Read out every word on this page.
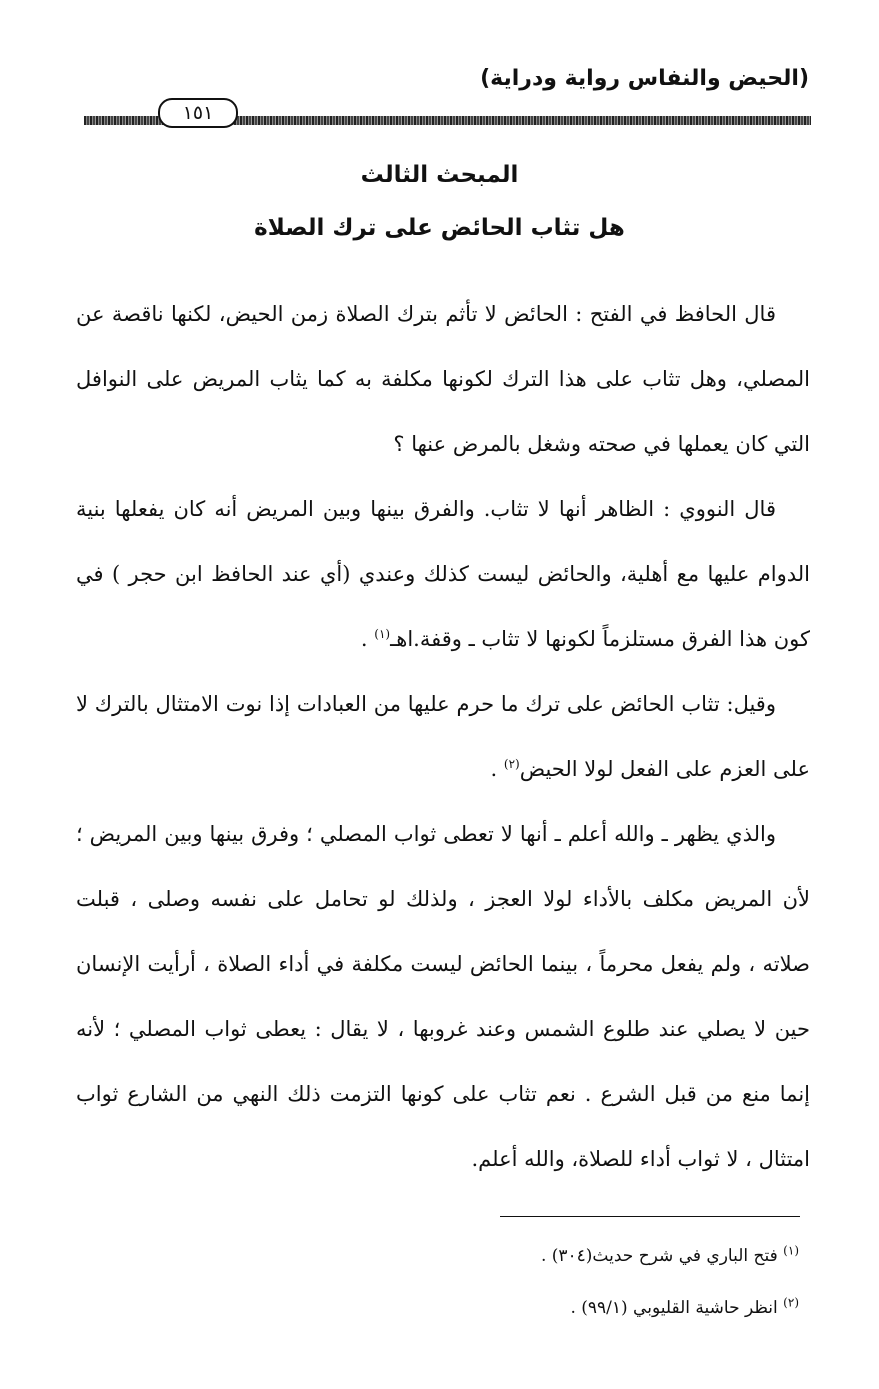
(الحيض والنفاس رواية ودراية)
١٥١
المبحث الثالث
هل تثاب الحائض على ترك الصلاة

قال الحافظ في الفتح : الحائض لا تأثم بترك الصلاة زمن الحيض، لكنها ناقصة عن المصلي، وهل تثاب على هذا الترك لكونها مكلفة به كما يثاب المريض على النوافل التي كان يعملها في صحته وشغل بالمرض عنها ؟

قال النووي : الظاهر أنها لا تثاب. والفرق بينها وبين المريض أنه كان يفعلها بنية الدوام عليها مع أهلية، والحائض ليست كذلك وعندي (أي عند الحافظ ابن حجر ) في كون هذا الفرق مستلزماً لكونها لا تثاب ـ وقفة.اهـ$^{(١)}$ .

وقيل: تثاب الحائض على ترك ما حرم عليها من العبادات إذا نوت الامتثال بالترك لا على العزم على الفعل لولا الحيض$^{(٢)}$ .

والذي يظهر ـ والله أعلم ـ أنها لا تعطى ثواب المصلي ؛ وفرق بينها وبين المريض ؛ لأن المريض مكلف بالأداء لولا العجز ، ولذلك لو تحامل على نفسه وصلى ، قبلت صلاته ، ولم يفعل محرماً ، بينما الحائض ليست مكلفة في أداء الصلاة ، أرأيت الإنسان حين لا يصلي عند طلوع الشمس وعند غروبها ، لا يقال : يعطى ثواب المصلي ؛ لأنه إنما منع من قبل الشرع . نعم تثاب على كونها التزمت ذلك النهي من الشارع ثواب امتثال ، لا ثواب أداء للصلاة، والله أعلم.

$^{(١)}$ فتح الباري في شرح حديث(٣٠٤) .
$^{(٢)}$ انظر حاشية القليوبي (٩٩/١) .
